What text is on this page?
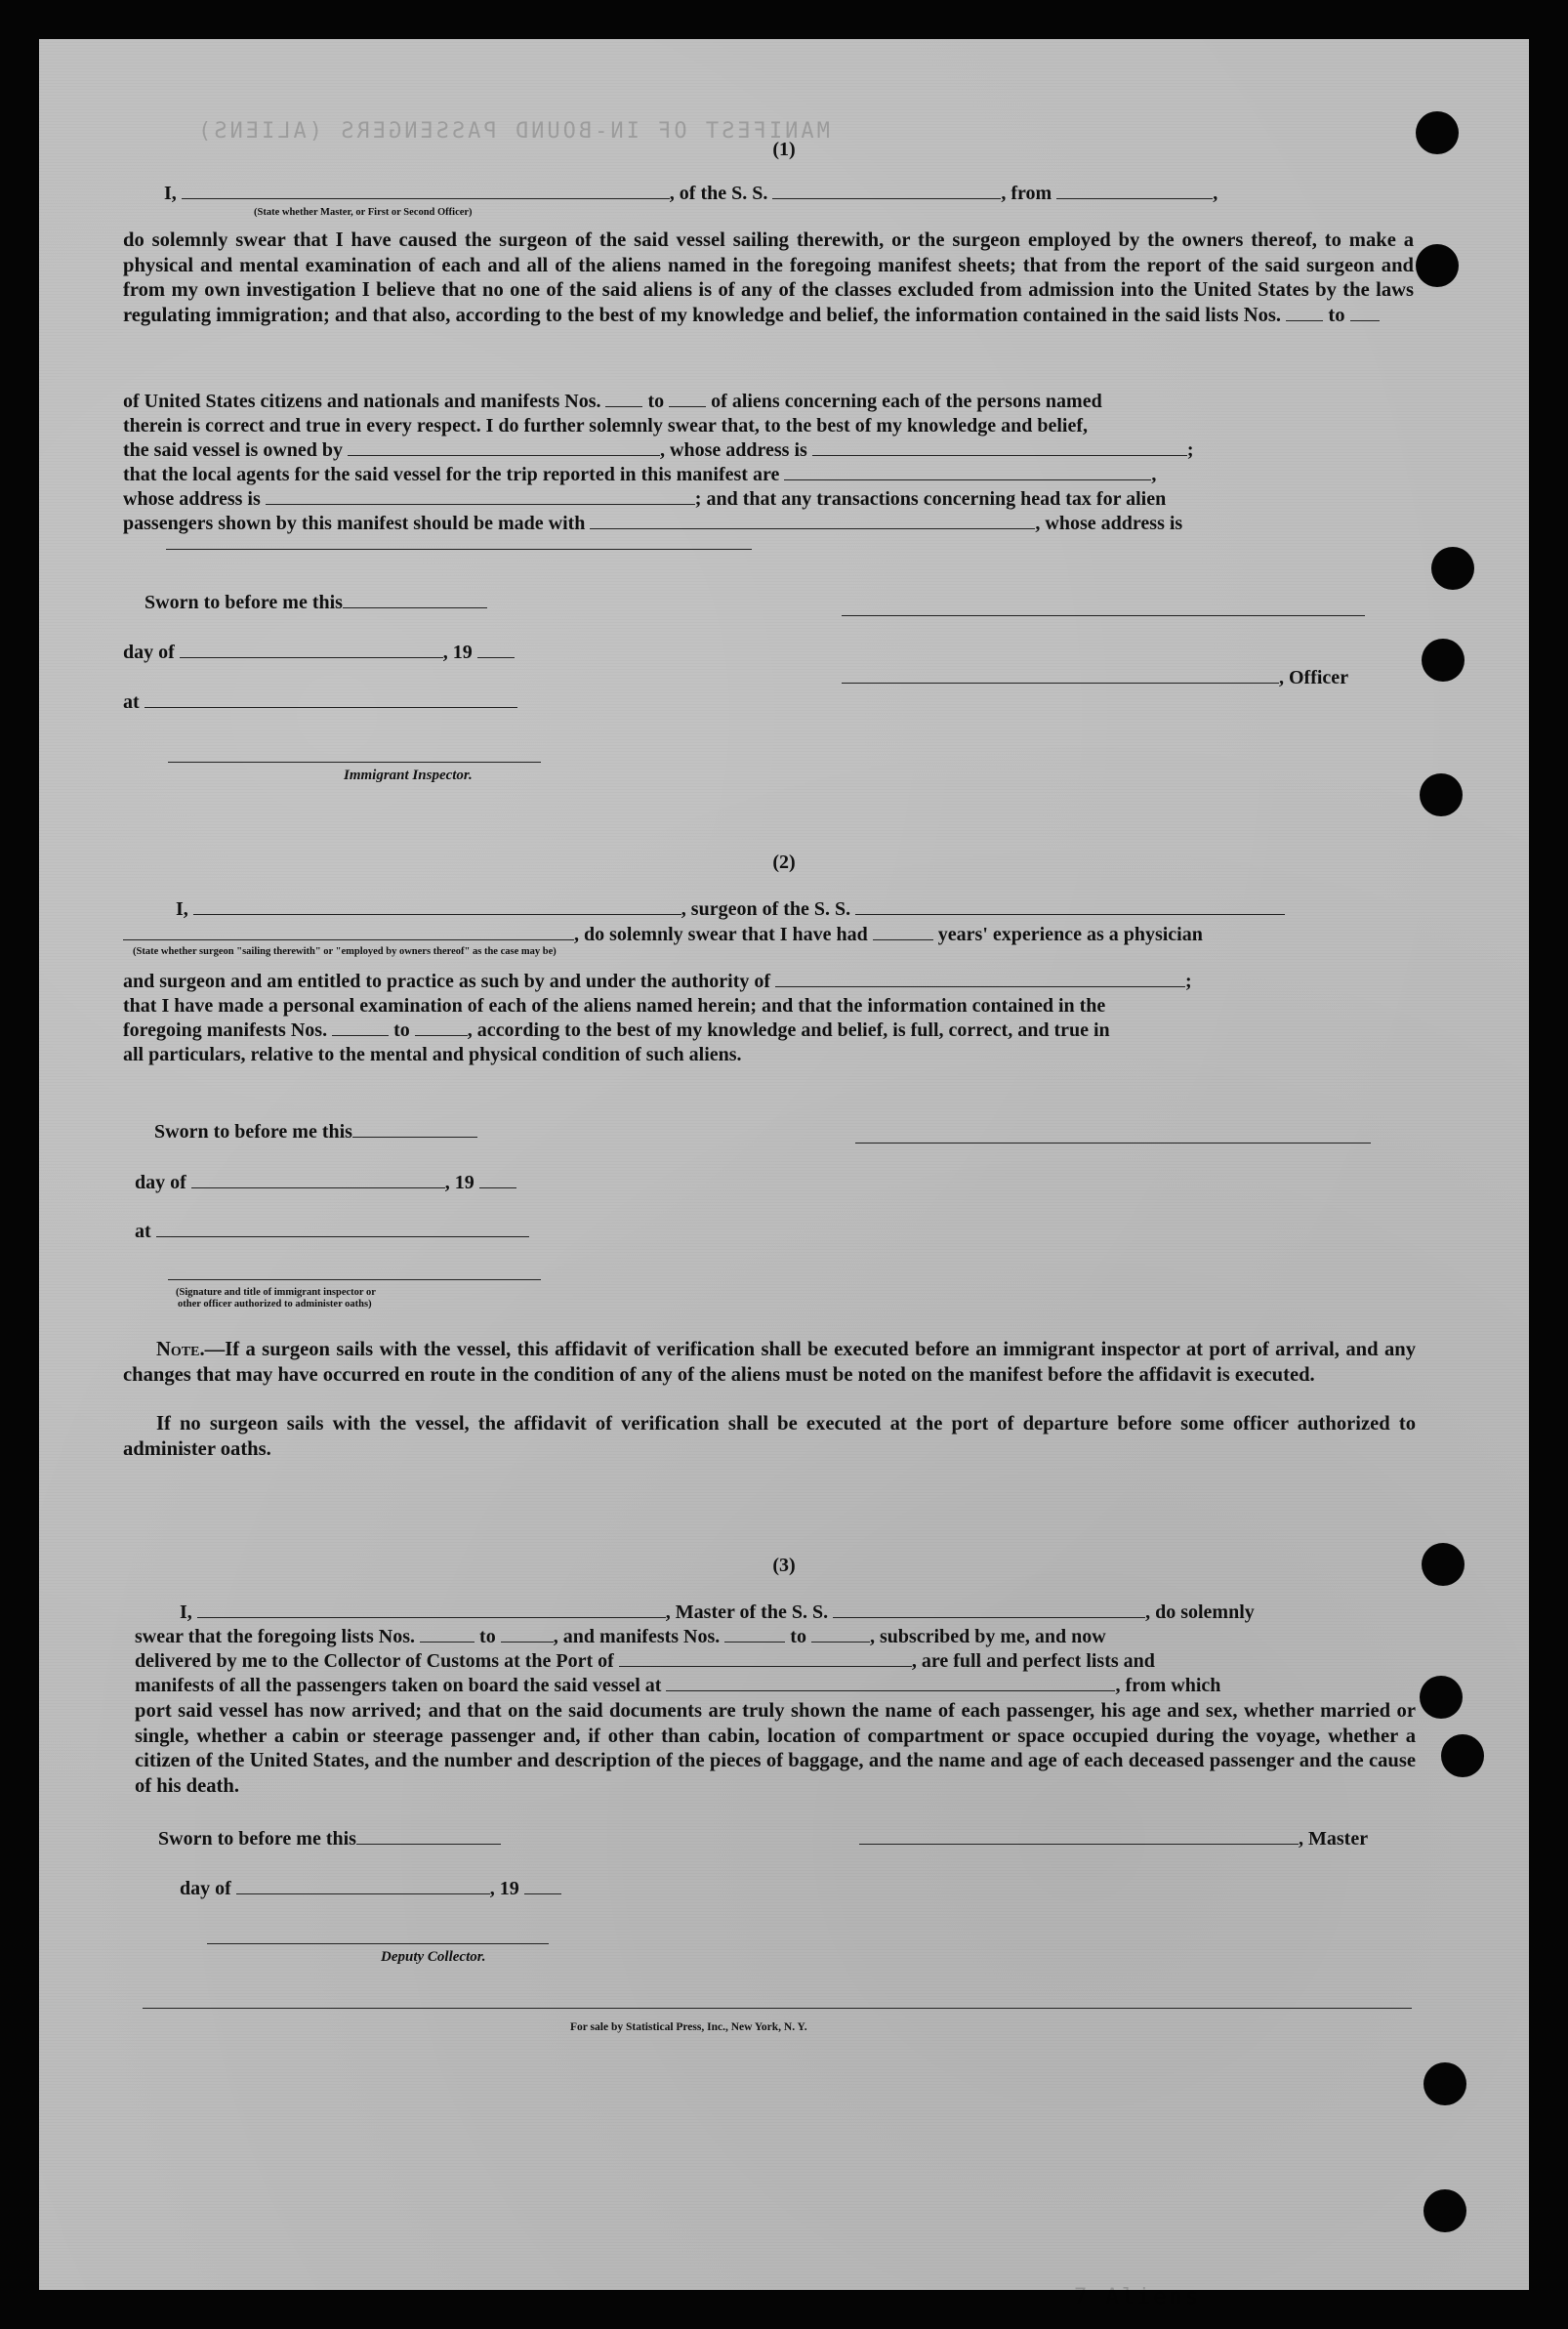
MANIFEST OF IN-BOUND PASSENGERS (ALIENS)
7 Aliens
(1)
I,	, of the S. S.	, from	,
(State whether Master, or First or Second Officer)
do solemnly swear that I have caused the surgeon of the said vessel sailing therewith, or the surgeon employed by the owners thereof, to make a physical and mental examination of each and all of the aliens named in the foregoing manifest sheets; that from the report of the said surgeon and from my own investigation I believe that no one of the said aliens is of any of the classes excluded from admission into the United States by the laws regulating immigration; and that also, according to the best of my knowledge and belief, the information contained in the said lists Nos. to
of United States citizens and nationals and manifests Nos. to of aliens concerning each of the persons named
therein is correct and true in every respect. I do further solemnly swear that, to the best of my knowledge and belief,
the said vessel is owned by	, whose address is	;
that the local agents for the said vessel for the trip reported in this manifest are	,
whose address is	; and that any transactions concerning head tax for alien
passengers shown by this manifest should be made with	, whose address is
Sworn to before me this
day of	, 19
, Officer
at
Immigrant Inspector.
(2)
I,	, surgeon of the S. S.
, do solemnly swear that I have had	years' experience as a physician
(State whether surgeon "sailing therewith" or "employed by owners thereof" as the case may be)
and surgeon and am entitled to practice as such by and under the authority of	;
that I have made a personal examination of each of the aliens named herein; and that the information contained in the
foregoing manifests Nos.	to	, according to the best of my knowledge and belief, is full, correct, and true in
all particulars, relative to the mental and physical condition of such aliens.
Sworn to before me this
day of	, 19
at
(Signature and title of immigrant inspector or
other officer authorized to administer oaths)
Note.—If a surgeon sails with the vessel, this affidavit of verification shall be executed before an immigrant inspector at port of arrival, and any changes that may have occurred en route in the condition of any of the aliens must be noted on the manifest before the affidavit is executed.
If no surgeon sails with the vessel, the affidavit of verification shall be executed at the port of departure before some officer authorized to administer oaths.
(3)
I,	, Master of the S. S.	, do solemnly
swear that the foregoing lists Nos.	to	, and manifests Nos.	to	, subscribed by me, and now
delivered by me to the Collector of Customs at the Port of	, are full and perfect lists and
manifests of all the passengers taken on board the said vessel at	, from which
port said vessel has now arrived; and that on the said documents are truly shown the name of each passenger, his age and sex, whether married or single, whether a cabin or steerage passenger and, if other than cabin, location of compartment or space occupied during the voyage, whether a citizen of the United States, and the number and description of the pieces of baggage, and the name and age of each deceased passenger and the cause of his death.
Sworn to before me this	, Master
day of	, 19
Deputy Collector.
For sale by Statistical Press, Inc., New York, N. Y.
